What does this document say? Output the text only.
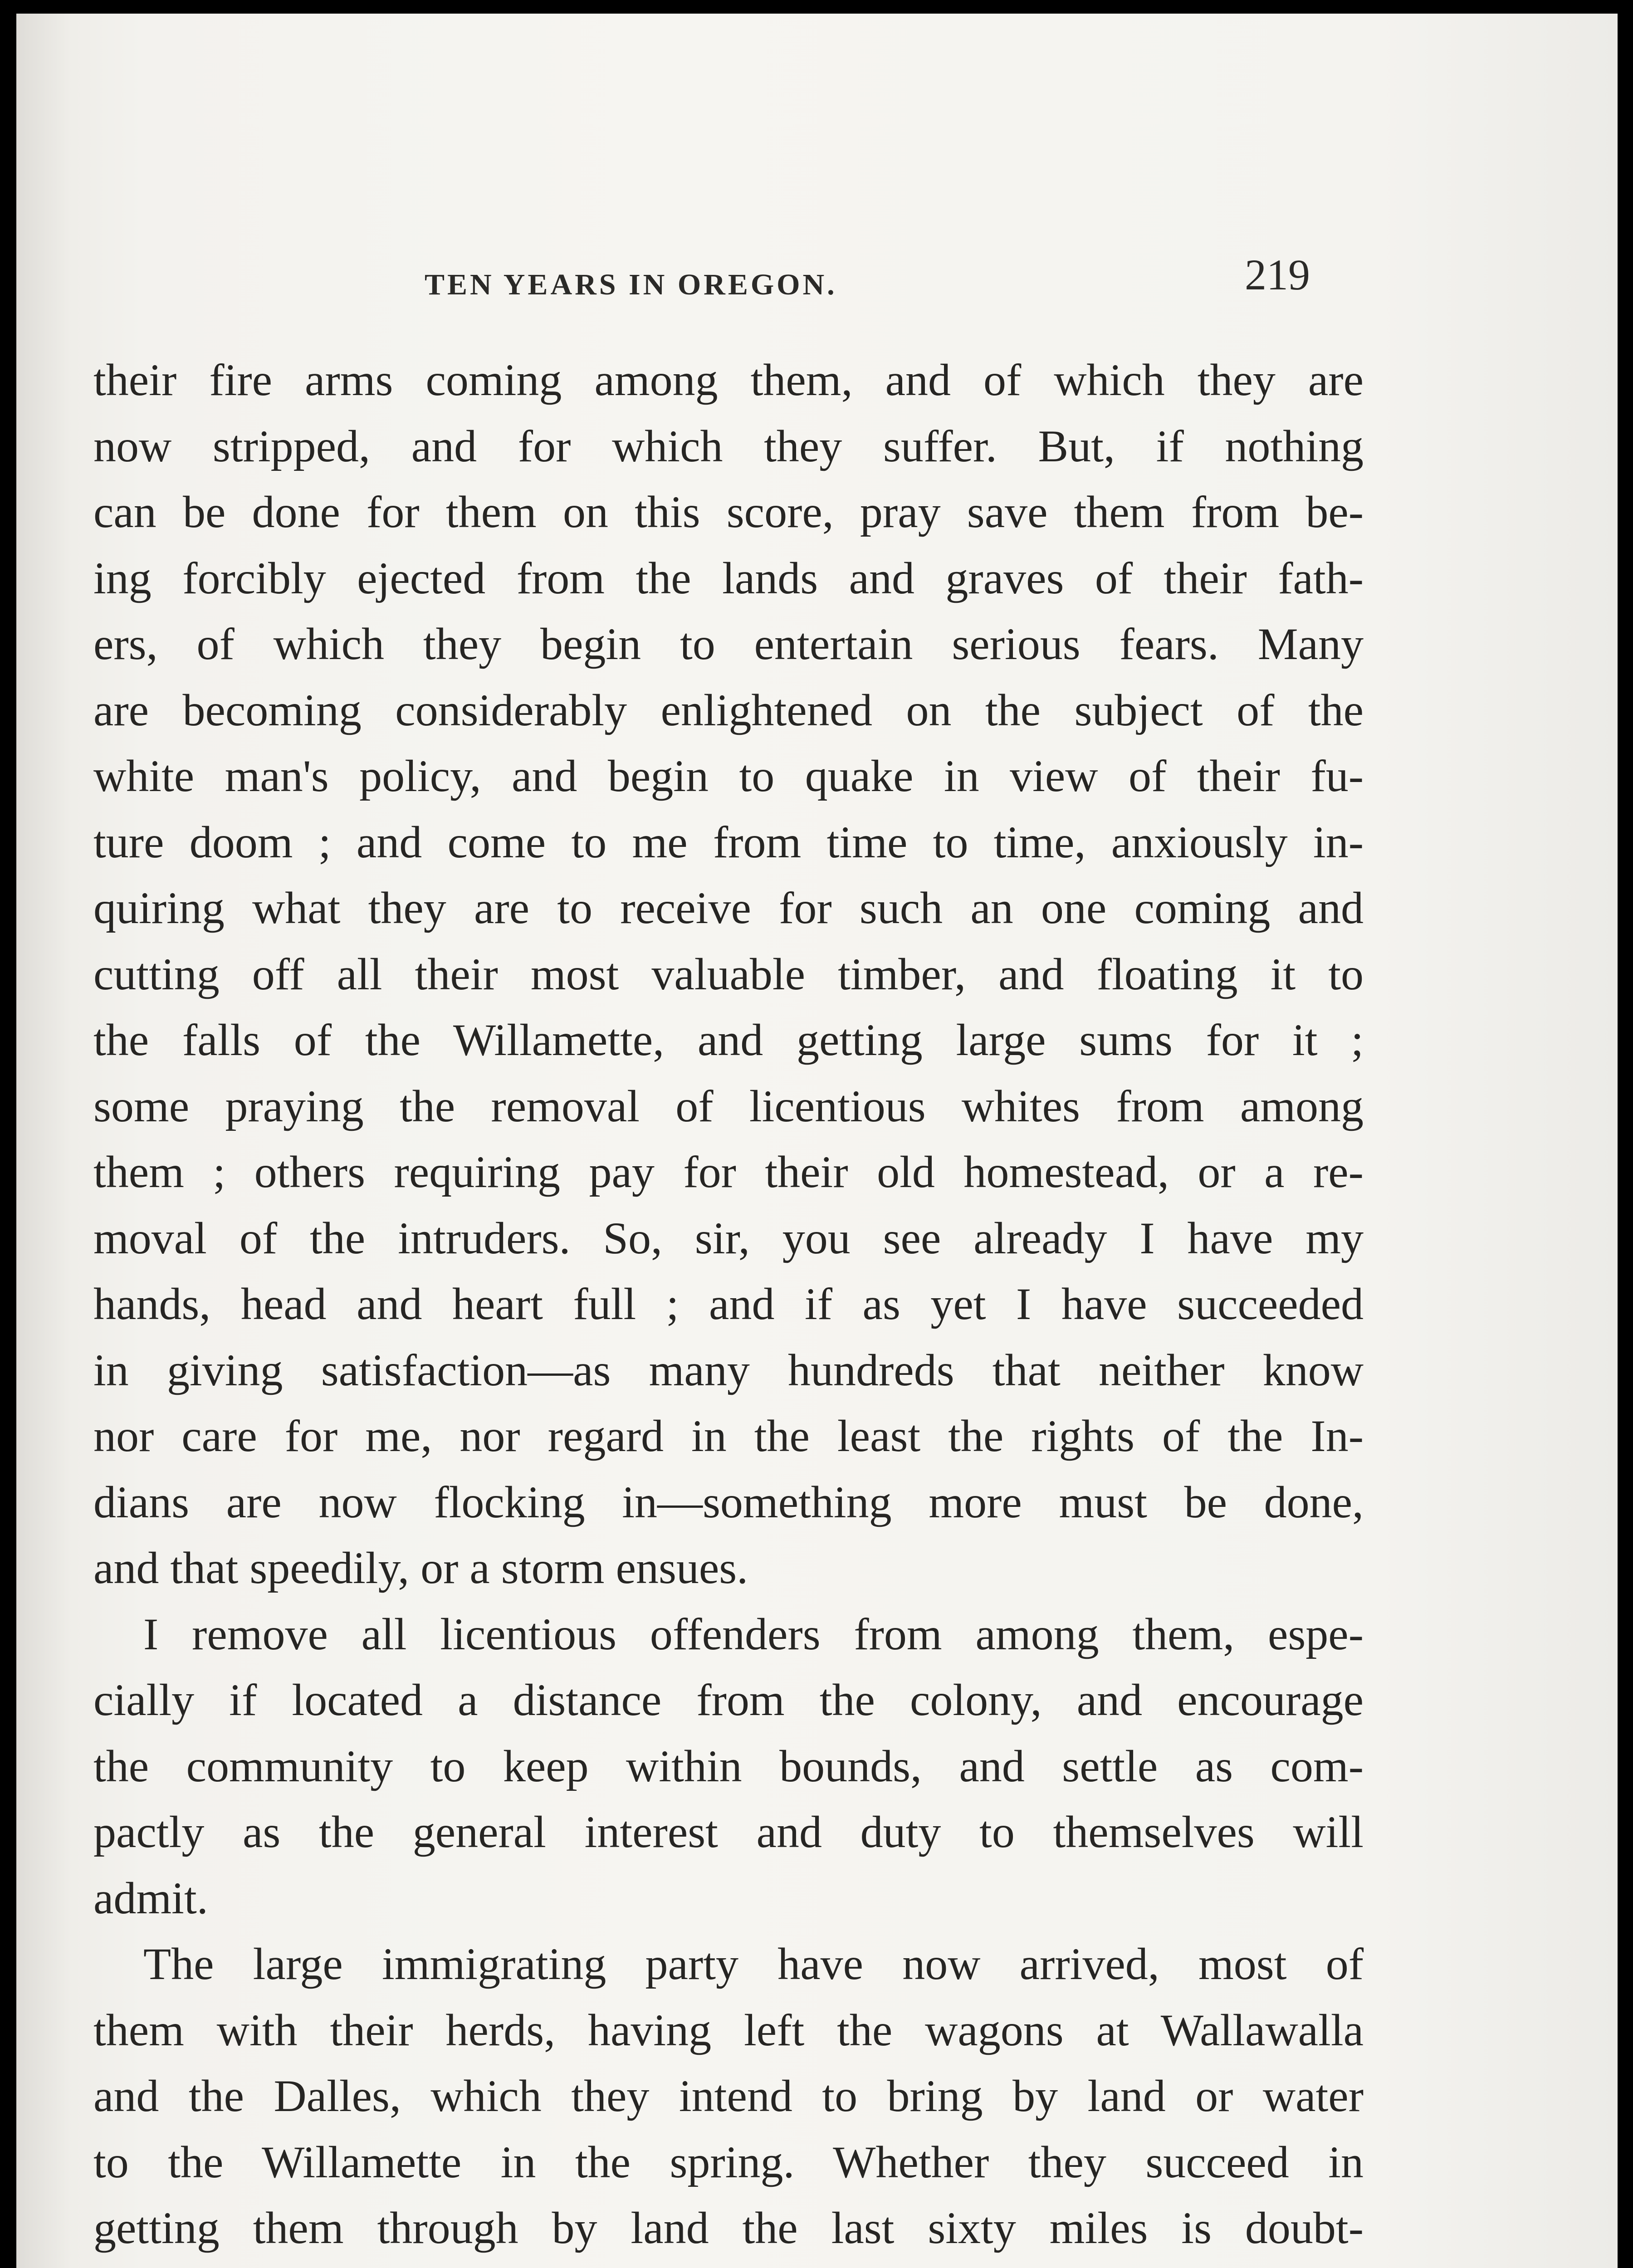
TEN YEARS IN OREGON.	219
their fire arms coming among them, and of which they are
now stripped, and for which they suffer. But, if nothing
can be done for them on this score, pray save them from be-
ing forcibly ejected from the lands and graves of their fath-
ers, of which they begin to entertain serious fears. Many
are becoming considerably enlightened on the subject of the
white man's policy, and begin to quake in view of their fu-
ture doom ; and come to me from time to time, anxiously in-
quiring what they are to receive for such an one coming and
cutting off all their most valuable timber, and floating it to
the falls of the Willamette, and getting large sums for it ;
some praying the removal of licentious whites from among
them ; others requiring pay for their old homestead, or a re-
moval of the intruders. So, sir, you see already I have my
hands, head and heart full ; and if as yet I have succeeded
in giving satisfaction—as many hundreds that neither know
nor care for me, nor regard in the least the rights of the In-
dians are now flocking in—something more must be done,
and that speedily, or a storm ensues.
I remove all licentious offenders from among them, espe-
cially if located a distance from the colony, and encourage
the community to keep within bounds, and settle as com-
pactly as the general interest and duty to themselves will
admit.
The large immigrating party have now arrived, most of
them with their herds, having left the wagons at Wallawalla
and the Dalles, which they intend to bring by land or water
to the Willamette in the spring. Whether they succeed in
getting them through by land the last sixty miles is doubt-
